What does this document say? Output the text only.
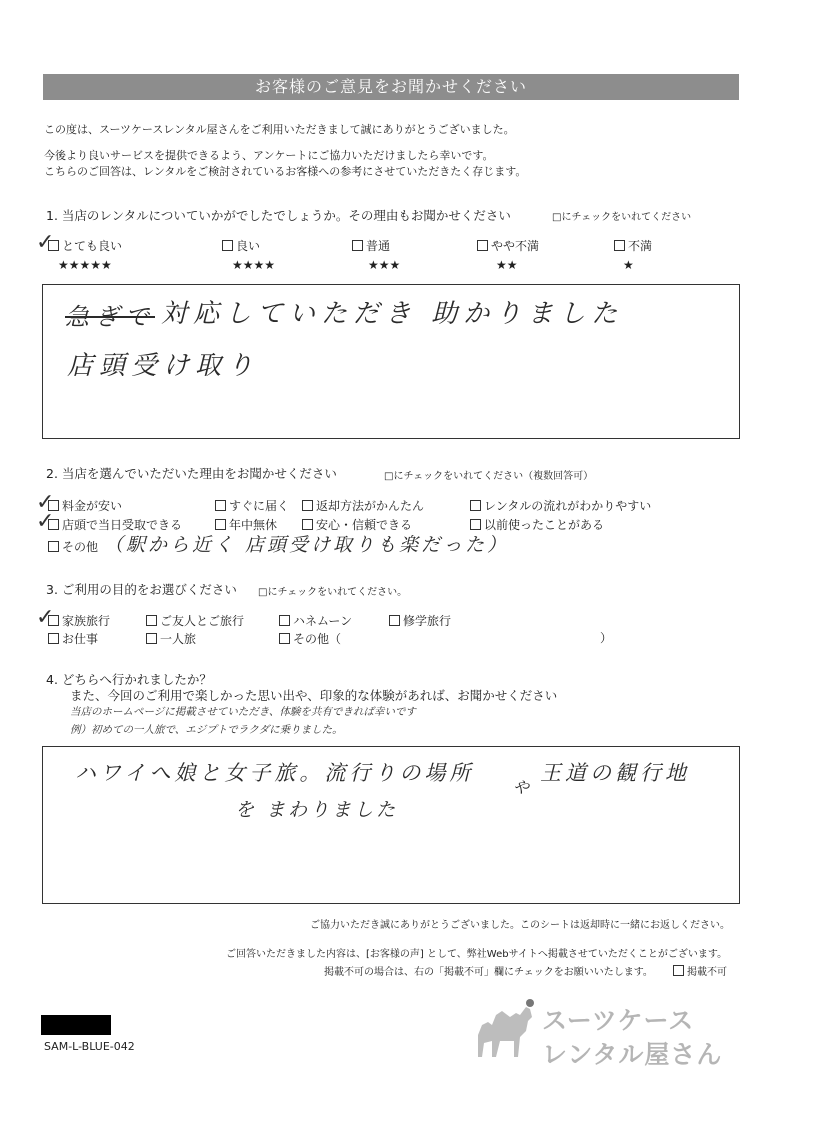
お客様のご意見をお聞かせください
この度は、スーツケースレンタル屋さんをご利用いただきまして誠にありがとうございました。
今後より良いサービスを提供できるよう、アンケートにご協力いただけましたら幸いです。
こちらのご回答は、レンタルをご検討されているお客様への参考にさせていただきたく存じます。
1. 当店のレンタルについていかがでしたでしょうか。その理由もお聞かせください	□にチェックをいれてください
とても良い	良い	普通	やや不満	不満
★★★★★	★★★★	★★★	★★	★
✓
急ぎで 対応していただき 助かりました
店頭受け取り
2. 当店を選んでいただいた理由をお聞かせください	□にチェックをいれてください（複数回答可）
料金が安い	すぐに届く	返却方法がかんたん	レンタルの流れがわかりやすい
店頭で当日受取できる	年中無休	安心・信頼できる	以前使ったことがある
その他 （駅から近く 店頭受け取りも楽だった）
✓
✓
3. ご利用の目的をお選びください □にチェックをいれてください。
家族旅行	ご友人とご旅行	ハネムーン	修学旅行
お仕事	一人旅	その他（	）
✓
4. どちらへ行かれましたか？
また、今回のご利用で楽しかった思い出や、印象的な体験があれば、お聞かせください
当店のホームページに掲載させていただき、体験を共有できれば幸いです
例）初めての一人旅で、エジプトでラクダに乗りました。
ハワイへ娘と女子旅。流行りの場所
や
王道の観行地
を まわりました
ご協力いただき誠にありがとうございました。このシートは返却時に一緒にお返しください。
ご回答いただきました内容は、[お客様の声] として、弊社Webサイトへ掲載させていただくことがございます。
掲載不可の場合は、右の「掲載不可」欄にチェックをお願いいたします。	掲載不可
SAM-L-BLUE-042
スーツケース
レンタル屋さん
